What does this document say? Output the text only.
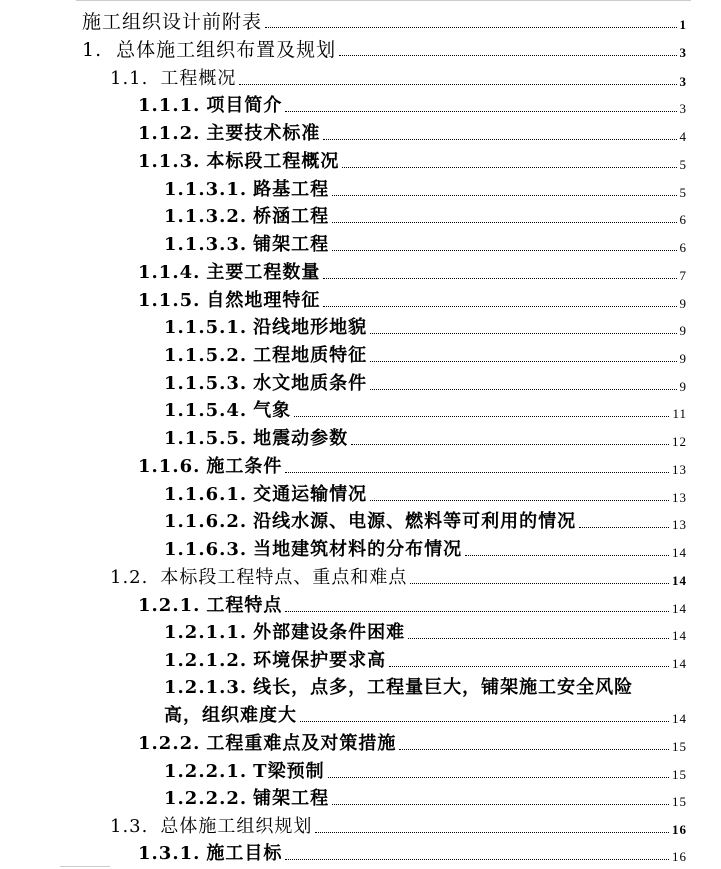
施工组织设计前附表	1
1. 总体施工组织布置及规划	3
1.1. 工程概况	3
1.1.1. 项目简介	3
1.1.2. 主要技术标准	4
1.1.3. 本标段工程概况	5
1.1.3.1. 路基工程	5
1.1.3.2. 桥涵工程	6
1.1.3.3. 铺架工程	6
1.1.4. 主要工程数量	7
1.1.5. 自然地理特征	9
1.1.5.1. 沿线地形地貌	9
1.1.5.2. 工程地质特征	9
1.1.5.3. 水文地质条件	9
1.1.5.4. 气象	11
1.1.5.5. 地震动参数	12
1.1.6. 施工条件	13
1.1.6.1. 交通运输情况	13
1.1.6.2. 沿线水源、电源、燃料等可利用的情况	13
1.1.6.3. 当地建筑材料的分布情况	14
1.2. 本标段工程特点、重点和难点	14
1.2.1. 工程特点	14
1.2.1.1. 外部建设条件困难	14
1.2.1.2. 环境保护要求高	14
1.2.1.3. 线长，点多，工程量巨大，铺架施工安全风险
高，组织难度大	14
1.2.2. 工程重难点及对策措施	15
1.2.2.1. T梁预制	15
1.2.2.2. 铺架工程	15
1.3. 总体施工组织规划	16
1.3.1. 施工目标	16
